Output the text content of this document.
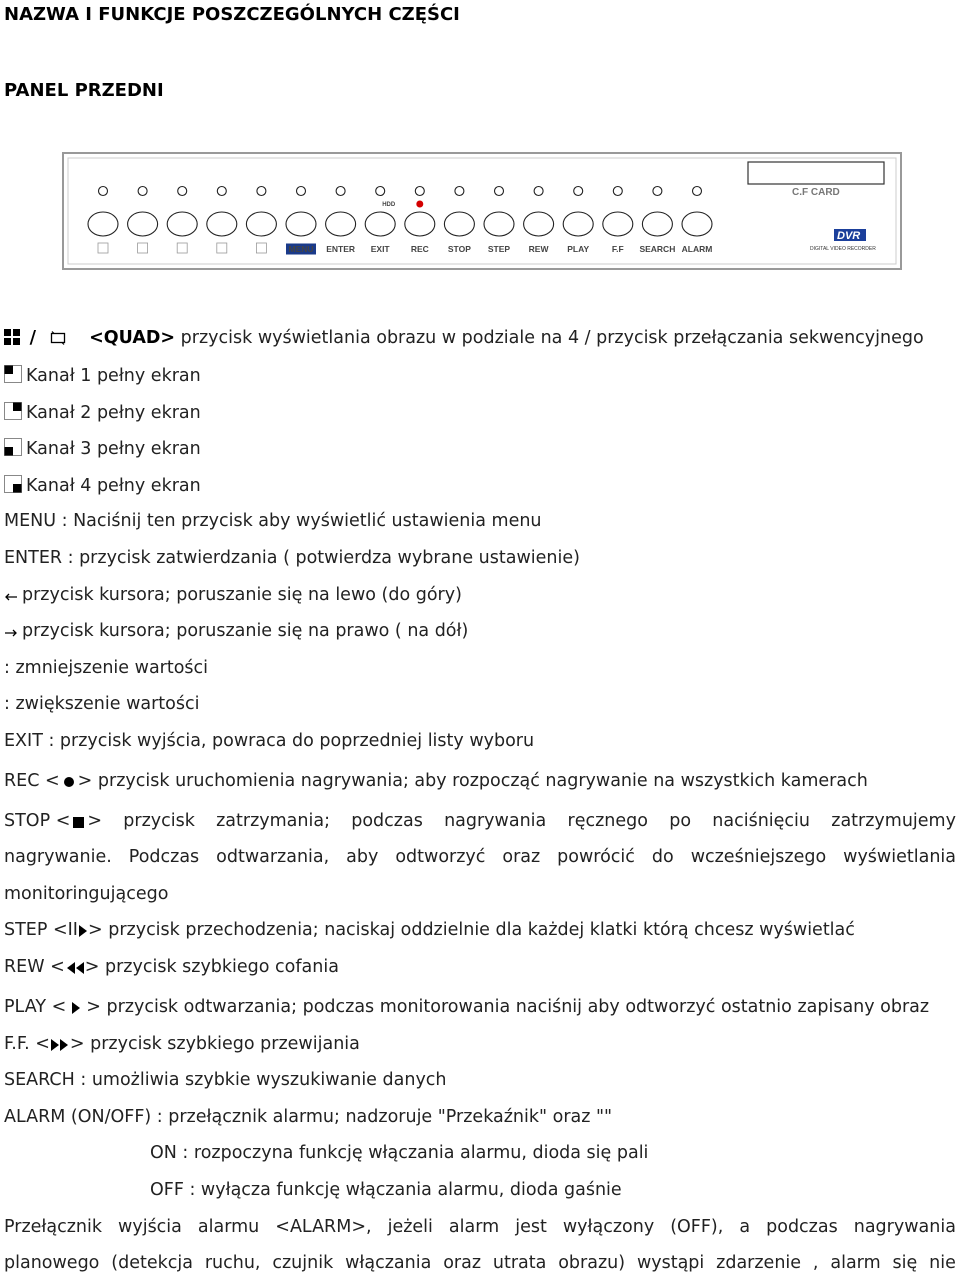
NAZWA I FUNKCJE POSZCZEGÓLNYCH CZĘŚCI
PANEL PRZEDNI
C.F CARD
MENU ENTER EXIT REC STOP STEP REW PLAY	F.F SEARCH ALARM
HDD
DVR
DIGITAL VIDEO RECORDER
/	<QUAD> przycisk wyświetlania obrazu w podziale na 4 / przycisk przełączania sekwencyjnego
Kanał 1 pełny ekran
Kanał 2 pełny ekran
Kanał 3 pełny ekran
Kanał 4 pełny ekran
MENU : Naciśnij ten przycisk aby wyświetlić ustawienia menu
ENTER : przycisk zatwierdzania ( potwierdza wybrane ustawienie)
przycisk kursora; poruszanie się na lewo (do góry)
przycisk kursora; poruszanie się na prawo ( na dół)
: zmniejszenie wartości
: zwiększenie wartości
EXIT : przycisk wyjścia, powraca do poprzedniej listy wyboru
REC < > przycisk uruchomienia nagrywania; aby rozpocząć nagrywanie na wszystkich kamerach
STOP < > przycisk zatrzymania; podczas nagrywania ręcznego po naciśnięciu zatrzymujemy
nagrywanie. Podczas odtwarzania, aby odtworzyć oraz powrócić do wcześniejszego wyświetlania
monitoringującego
STEP <II > przycisk przechodzenia; naciskaj oddzielnie dla każdej klatki którą chcesz wyświetlać
REW < > przycisk szybkiego cofania
PLAY < > przycisk odtwarzania; podczas monitorowania naciśnij aby odtworzyć ostatnio zapisany obraz
F.F. < > przycisk szybkiego przewijania
SEARCH : umożliwia szybkie wyszukiwanie danych
ALARM (ON/OFF) : przełącznik alarmu; nadzoruje "Przekaźnik" oraz ""
ON : rozpoczyna funkcję włączania alarmu, dioda się pali
OFF : wyłącza funkcję włączania alarmu, dioda gaśnie
Przełącznik wyjścia alarmu <ALARM>, jeżeli alarm jest wyłączony (OFF), a podczas nagrywania
planowego (detekcja ruchu, czujnik włączania oraz utrata obrazu) wystąpi zdarzenie , alarm się nie
